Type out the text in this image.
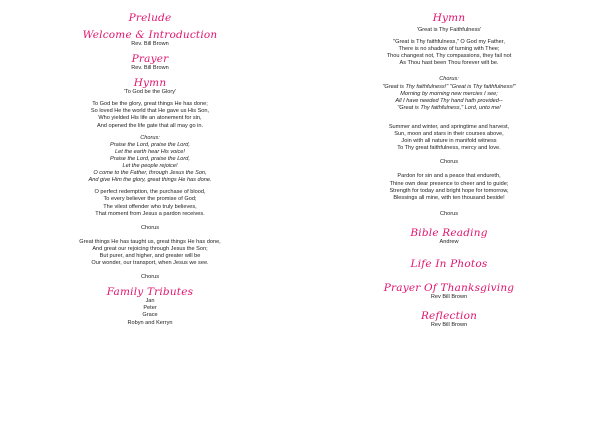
Prelude
Welcome & Introduction
Rev. Bill Brown
Prayer
Rev. Bill Brown
Hymn
'To God be the Glory'
To God be the glory, great things He has done;
So loved He the world that He gave us His Son,
Who yielded His life an atonement for sin,
And opened the life gate that all may go in.
Chorus:
Praise the Lord, praise the Lord,
Let the earth hear His voice!
Praise the Lord, praise the Lord,
Let the people rejoice!
O come to the Father, through Jesus the Son,
And give Him the glory, great things He has done.
O perfect redemption, the purchase of blood,
To every believer the promise of God;
The vilest offender who truly believes,
That moment from Jesus a pardon receives.
Chorus
Great things He has taught us, great things He has done,
And great our rejoicing through Jesus the Son;
But purer, and higher, and greater will be
Our wonder, our transport, when Jesus we see.
Chorus
Family Tributes
Jan
Peter
Grace
Robyn and Kerryn
Hymn
'Great is Thy Faithfulness'
"Great is Thy faithfulness," O God my Father,
There is no shadow of turning with Thee;
Thou changest not, Thy compassions, they fail not
As Thou hast been Thou forever wilt be.
Chorus:
"Great is Thy faithfulness!" "Great is Thy faithfulness!"
Morning by morning new mercies I see;
All I have needed Thy hand hath provided--
"Great is Thy faithfulness," Lord, unto me!
Summer and winter, and springtime and harvest,
Sun, moon and stars in their courses above,
Join with all nature in manifold witness
To Thy great faithfulness, mercy and love.
Chorus
Pardon for sin and a peace that endureth,
Thine own dear presence to cheer and to guide;
Strength for today and bright hope for tomorrow,
Blessings all mine, with ten thousand beside!
Chorus
Bible Reading
Andrew
Life In Photos
Prayer Of Thanksgiving
Rev Bill Brown
Reflection
Rev Bill Brown
